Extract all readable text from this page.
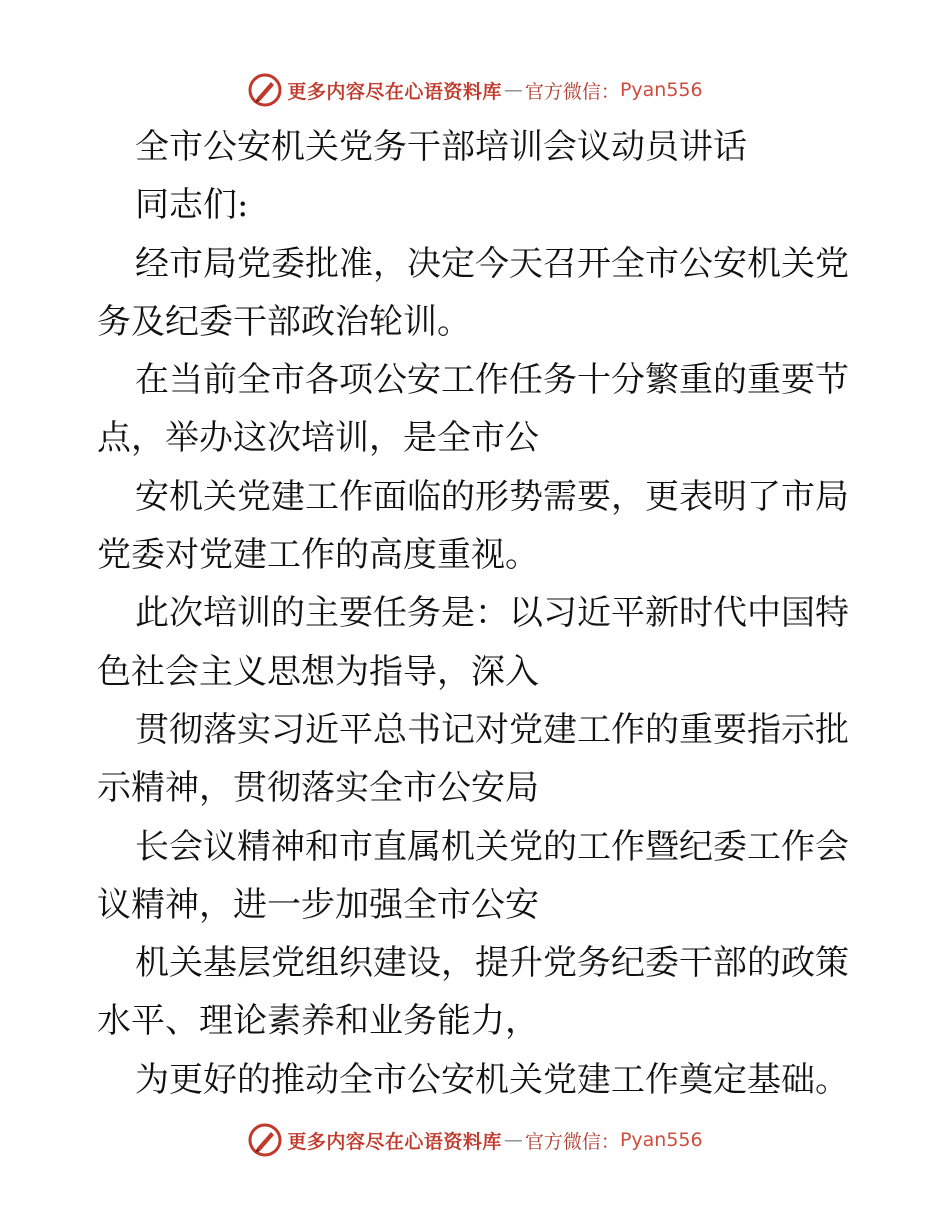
更多内容尽在心语资料库 — 官方微信： Pyan556
全市公安机关党务干部培训会议动员讲话
同志们:
经市局党委批准，决定今天召开全市公安机关党
务及纪委干部政治轮训。
在当前全市各项公安工作任务十分繁重的重要节
点，举办这次培训，是全市公
安机关党建工作面临的形势需要，更表明了市局
党委对党建工作的高度重视。
此次培训的主要任务是：以习近平新时代中国特
色社会主义思想为指导，深入
贯彻落实习近平总书记对党建工作的重要指示批
示精神，贯彻落实全市公安局
长会议精神和市直属机关党的工作暨纪委工作会
议精神，进一步加强全市公安
机关基层党组织建设，提升党务纪委干部的政策
水平、理论素养和业务能力，
为更好的推动全市公安机关党建工作奠定基础。
更多内容尽在心语资料库 — 官方微信： Pyan556
